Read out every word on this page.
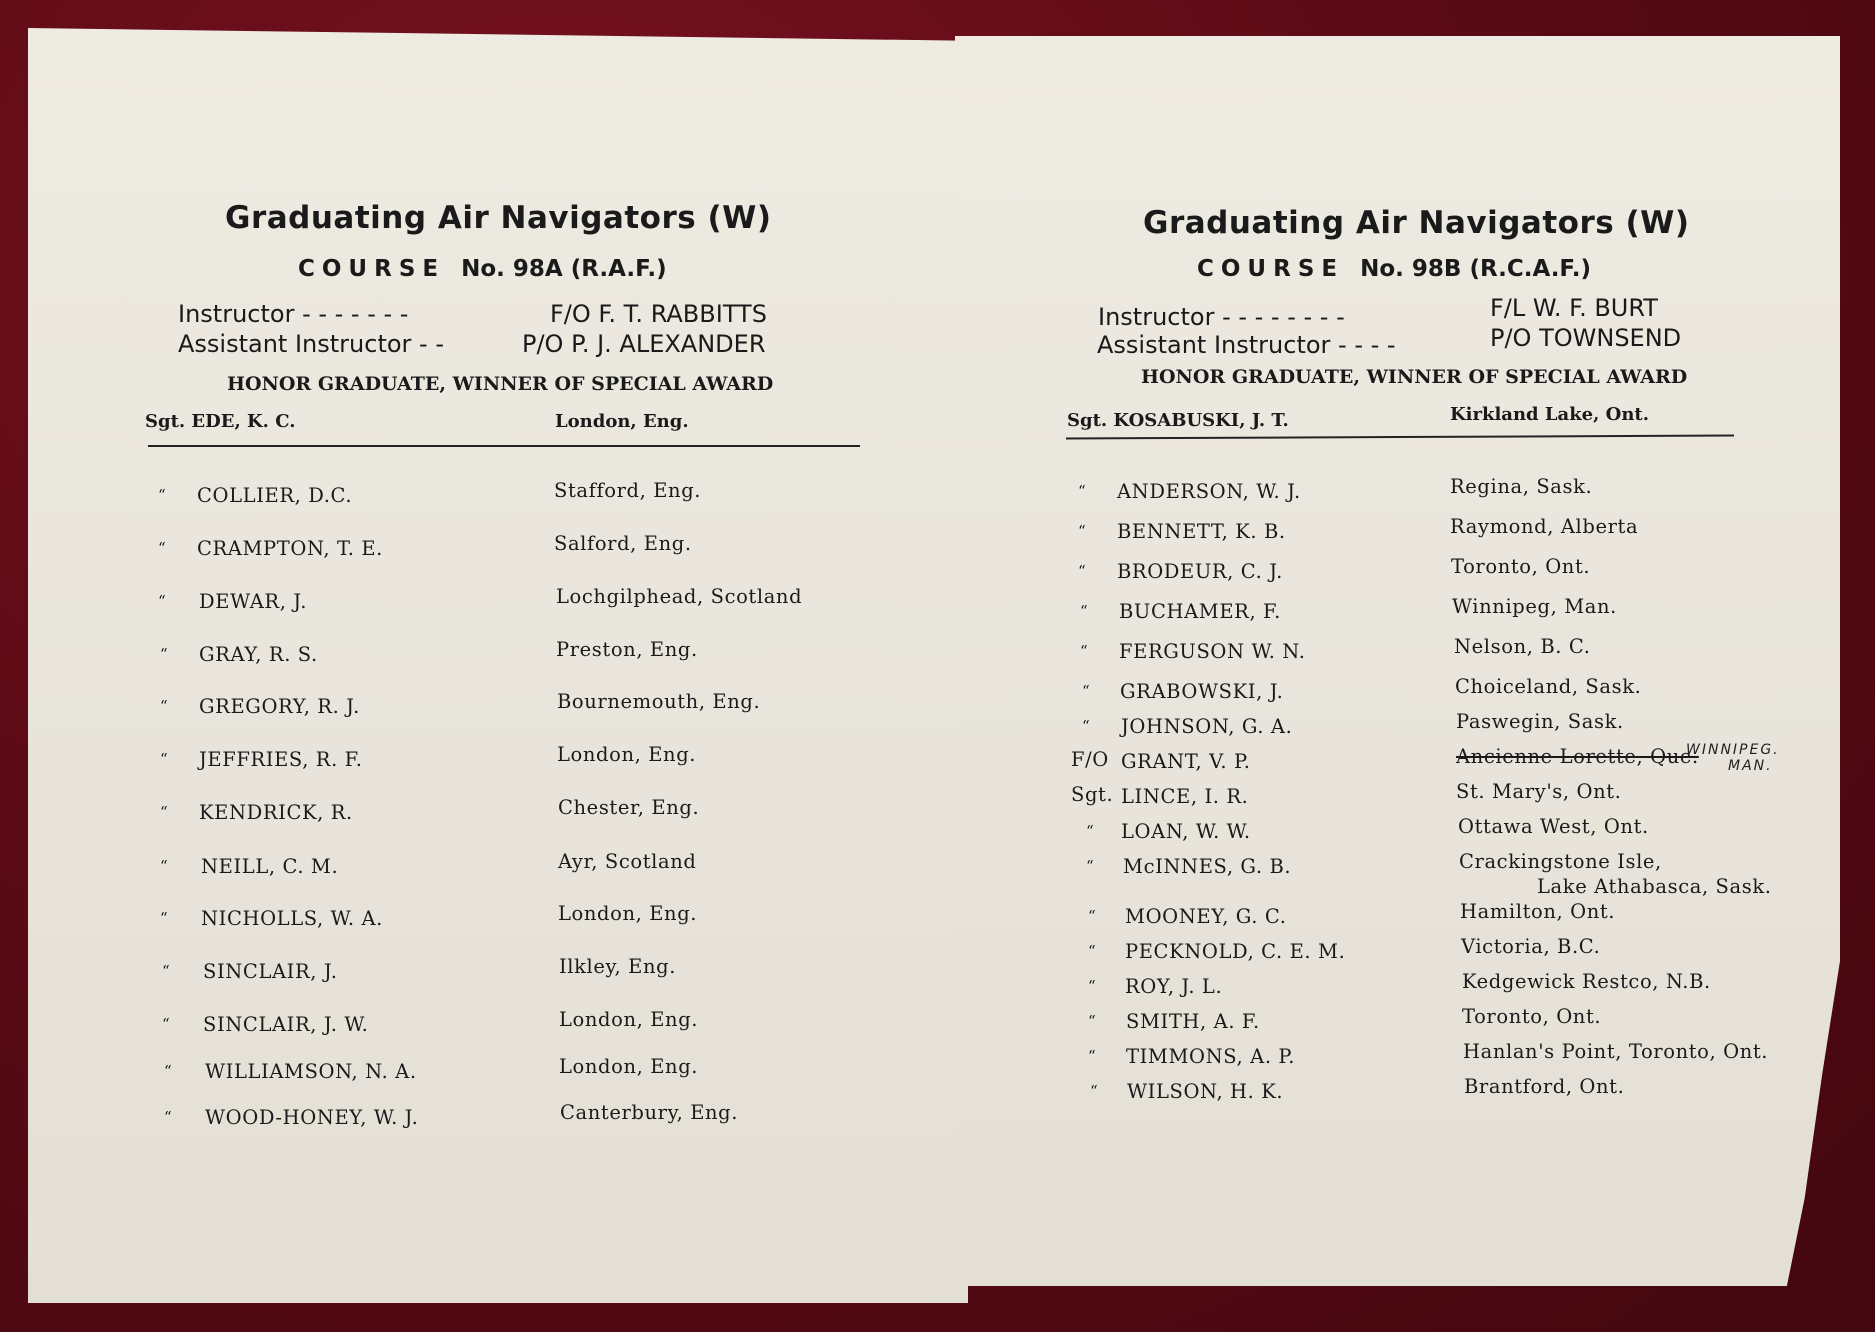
Graduating Air Navigators (W)
COURSE No. 98A (R.A.F.)
Instructor - - - - - - -	F/O F. T. RABBITTS
Assistant Instructor - -	P/O P. J. ALEXANDER
HONOR GRADUATE, WINNER OF SPECIAL AWARD
Sgt. EDE, K. C.	London, Eng.
“ COLLIER, D.C.	Stafford, Eng.
“ CRAMPTON, T. E.	Salford, Eng.
“ DEWAR, J.	Lochgilphead, Scotland
“ GRAY, R. S.	Preston, Eng.
“ GREGORY, R. J.	Bournemouth, Eng.
“ JEFFRIES, R. F.	London, Eng.
“ KENDRICK, R.	Chester, Eng.
“ NEILL, C. M.	Ayr, Scotland
“ NICHOLLS, W. A.	London, Eng.
“ SINCLAIR, J.	Ilkley, Eng.
“ SINCLAIR, J. W.	London, Eng.
“ WILLIAMSON, N. A.	London, Eng.
“ WOOD-HONEY, W. J.	Canterbury, Eng.
Graduating Air Navigators (W)
COURSE No. 98B (R.C.A.F.)
Instructor - - - - - - - -	F/L W. F. BURT
Assistant Instructor - - - -	P/O TOWNSEND
HONOR GRADUATE, WINNER OF SPECIAL AWARD
Sgt. KOSABUSKI, J. T.	Kirkland Lake, Ont.
“ ANDERSON, W. J.	Regina, Sask.
“ BENNETT, K. B.	Raymond, Alberta
“ BRODEUR, C. J.	Toronto, Ont.
“ BUCHAMER, F.	Winnipeg, Man.
“ FERGUSON W. N.	Nelson, B. C.
“ GRABOWSKI, J.	Choiceland, Sask.
“ JOHNSON, G. A.	Paswegin, Sask.
F/O GRANT, V. P.	Ancienne Lorette, Que.
WINNIPEG.
MAN.
Sgt. LINCE, I. R.	St. Mary's, Ont.
“ LOAN, W. W.	Ottawa West, Ont.
“ McINNES, G. B.	Crackingstone Isle,
Lake Athabasca, Sask.
“ MOONEY, G. C.	Hamilton, Ont.
“ PECKNOLD, C. E. M.	Victoria, B.C.
“ ROY, J. L.	Kedgewick Restco, N.B.
“ SMITH, A. F.	Toronto, Ont.
“ TIMMONS, A. P.	Hanlan's Point, Toronto, Ont.
“ WILSON, H. K.	Brantford, Ont.
